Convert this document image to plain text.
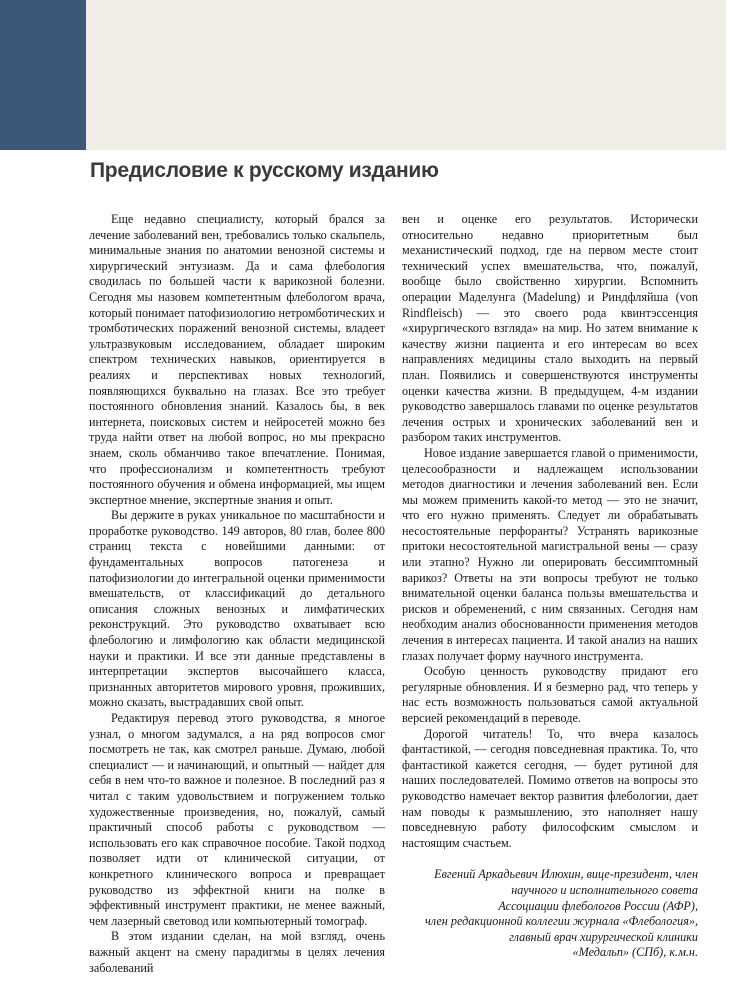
Предисловие к русскому изданию

Еще недавно специалисту, который брался за лечение заболеваний вен, требовались только скальпель, минимальные знания по анатомии венозной системы и хирургический энтузиазм. Да и сама флебология сводилась по большей части к варикозной болезни. Сегодня мы назовем компетентным флебологом врача, который понимает патофизиологию нетромботических и тромботических поражений венозной системы, владеет ультразвуковым исследованием, обладает широким спектром технических навыков, ориентируется в реалиях и перспективах новых технологий, появляющихся буквально на глазах. Все это требует постоянного обновления знаний. Казалось бы, в век интернета, поисковых систем и нейросетей можно без труда найти ответ на любой вопрос, но мы прекрасно знаем, сколь обманчиво такое впечатление. Понимая, что профессионализм и компетентность требуют постоянного обучения и обмена информацией, мы ищем экспертное мнение, экспертные знания и опыт.

Вы держите в руках уникальное по масштабности и проработке руководство. 149 авторов, 80 глав, более 800 страниц текста с новейшими данными: от фундаментальных вопросов патогенеза и патофизиологии до интегральной оценки применимости вмешательств, от классификаций до детального описания сложных венозных и лимфатических реконструкций. Это руководство охватывает всю флебологию и лимфологию как области медицинской науки и практики. И все эти данные представлены в интерпретации экспертов высочайшего класса, признанных авторитетов мирового уровня, проживших, можно сказать, выстрадавших свой опыт.

Редактируя перевод этого руководства, я многое узнал, о многом задумался, а на ряд вопросов смог посмотреть не так, как смотрел раньше. Думаю, любой специалист — и начинающий, и опытный — найдет для себя в нем что-то важное и полезное. В последний раз я читал с таким удовольствием и погружением только художественные произведения, но, пожалуй, самый практичный способ работы с руководством — использовать его как справочное пособие. Такой подход позволяет идти от клинической ситуации, от конкретного клинического вопроса и превращает руководство из эффектной книги на полке в эффективный инструмент практики, не менее важный, чем лазерный световод или компьютерный томограф.

В этом издании сделан, на мой взгляд, очень важный акцент на смену парадигмы в целях лечения заболеваний

вен и оценке его результатов. Исторически относительно недавно приоритетным был механистический подход, где на первом месте стоит технический успех вмешательства, что, пожалуй, вообще было свойственно хирургии. Вспомнить операции Маделунга (Madelung) и Риндфляйша (von Rindfleisch) — это своего рода квинтэссенция «хирургического взгляда» на мир. Но затем внимание к качеству жизни пациента и его интересам во всех направлениях медицины стало выходить на первый план. Появились и совершенствуются инструменты оценки качества жизни. В предыдущем, 4-м издании руководство завершалось главами по оценке результатов лечения острых и хронических заболеваний вен и разбором таких инструментов.

Новое издание завершается главой о применимости, целесообразности и надлежащем использовании методов диагностики и лечения заболеваний вен. Если мы можем применить какой-то метод — это не значит, что его нужно применять. Следует ли обрабатывать несостоятельные перфоранты? Устранять варикозные притоки несостоятельной магистральной вены — сразу или этапно? Нужно ли оперировать бессимптомный варикоз? Ответы на эти вопросы требуют не только внимательной оценки баланса пользы вмешательства и рисков и обременений, с ним связанных. Сегодня нам необходим анализ обоснованности применения методов лечения в интересах пациента. И такой анализ на наших глазах получает форму научного инструмента.

Особую ценность руководству придают его регулярные обновления. И я безмерно рад, что теперь у нас есть возможность пользоваться самой актуальной версией рекомендаций в переводе.

Дорогой читатель! То, что вчера казалось фантастикой, — сегодня повседневная практика. То, что фантастикой кажется сегодня, — будет рутиной для наших последователей. Помимо ответов на вопросы это руководство намечает вектор развития флебологии, дает нам поводы к размышлению, это наполняет нашу повседневную работу философским смыслом и настоящим счастьем.

Евгений Аркадьевич Илюхин, вице-президент, член
научного и исполнительного совета
Ассоциации флебологов России (АФР),
член редакционной коллегии журнала «Флебология»,
главный врач хирургической клиники
«Медальп» (СПб), к.м.н.
